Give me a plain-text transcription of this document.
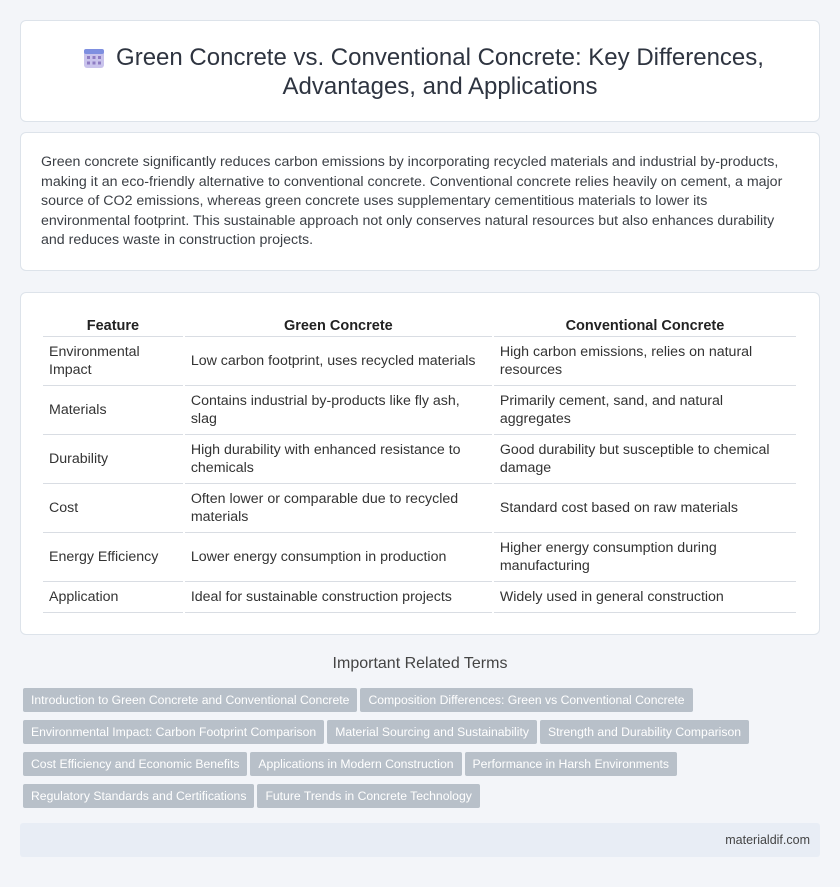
Green Concrete vs. Conventional Concrete: Key Differences, Advantages, and Applications

Green concrete significantly reduces carbon emissions by incorporating recycled materials and industrial by-products, making it an eco-friendly alternative to conventional concrete. Conventional concrete relies heavily on cement, a major source of CO2 emissions, whereas green concrete uses supplementary cementitious materials to lower its environmental footprint. This sustainable approach not only conserves natural resources but also enhances durability and reduces waste in construction projects.

Feature	Green Concrete	Conventional Concrete
Environmental Impact	Low carbon footprint, uses recycled materials	High carbon emissions, relies on natural resources
Materials	Contains industrial by-products like fly ash, slag	Primarily cement, sand, and natural aggregates
Durability	High durability with enhanced resistance to chemicals	Good durability but susceptible to chemical damage
Cost	Often lower or comparable due to recycled materials	Standard cost based on raw materials
Energy Efficiency	Lower energy consumption in production	Higher energy consumption during manufacturing
Application	Ideal for sustainable construction projects	Widely used in general construction
Important Related Terms
Introduction to Green Concrete and Conventional Concrete Composition Differences: Green vs Conventional Concrete
Environmental Impact: Carbon Footprint Comparison Material Sourcing and Sustainability Strength and Durability Comparison
Cost Efficiency and Economic Benefits Applications in Modern Construction Performance in Harsh Environments
Regulatory Standards and Certifications Future Trends in Concrete Technology
materialdif.com
